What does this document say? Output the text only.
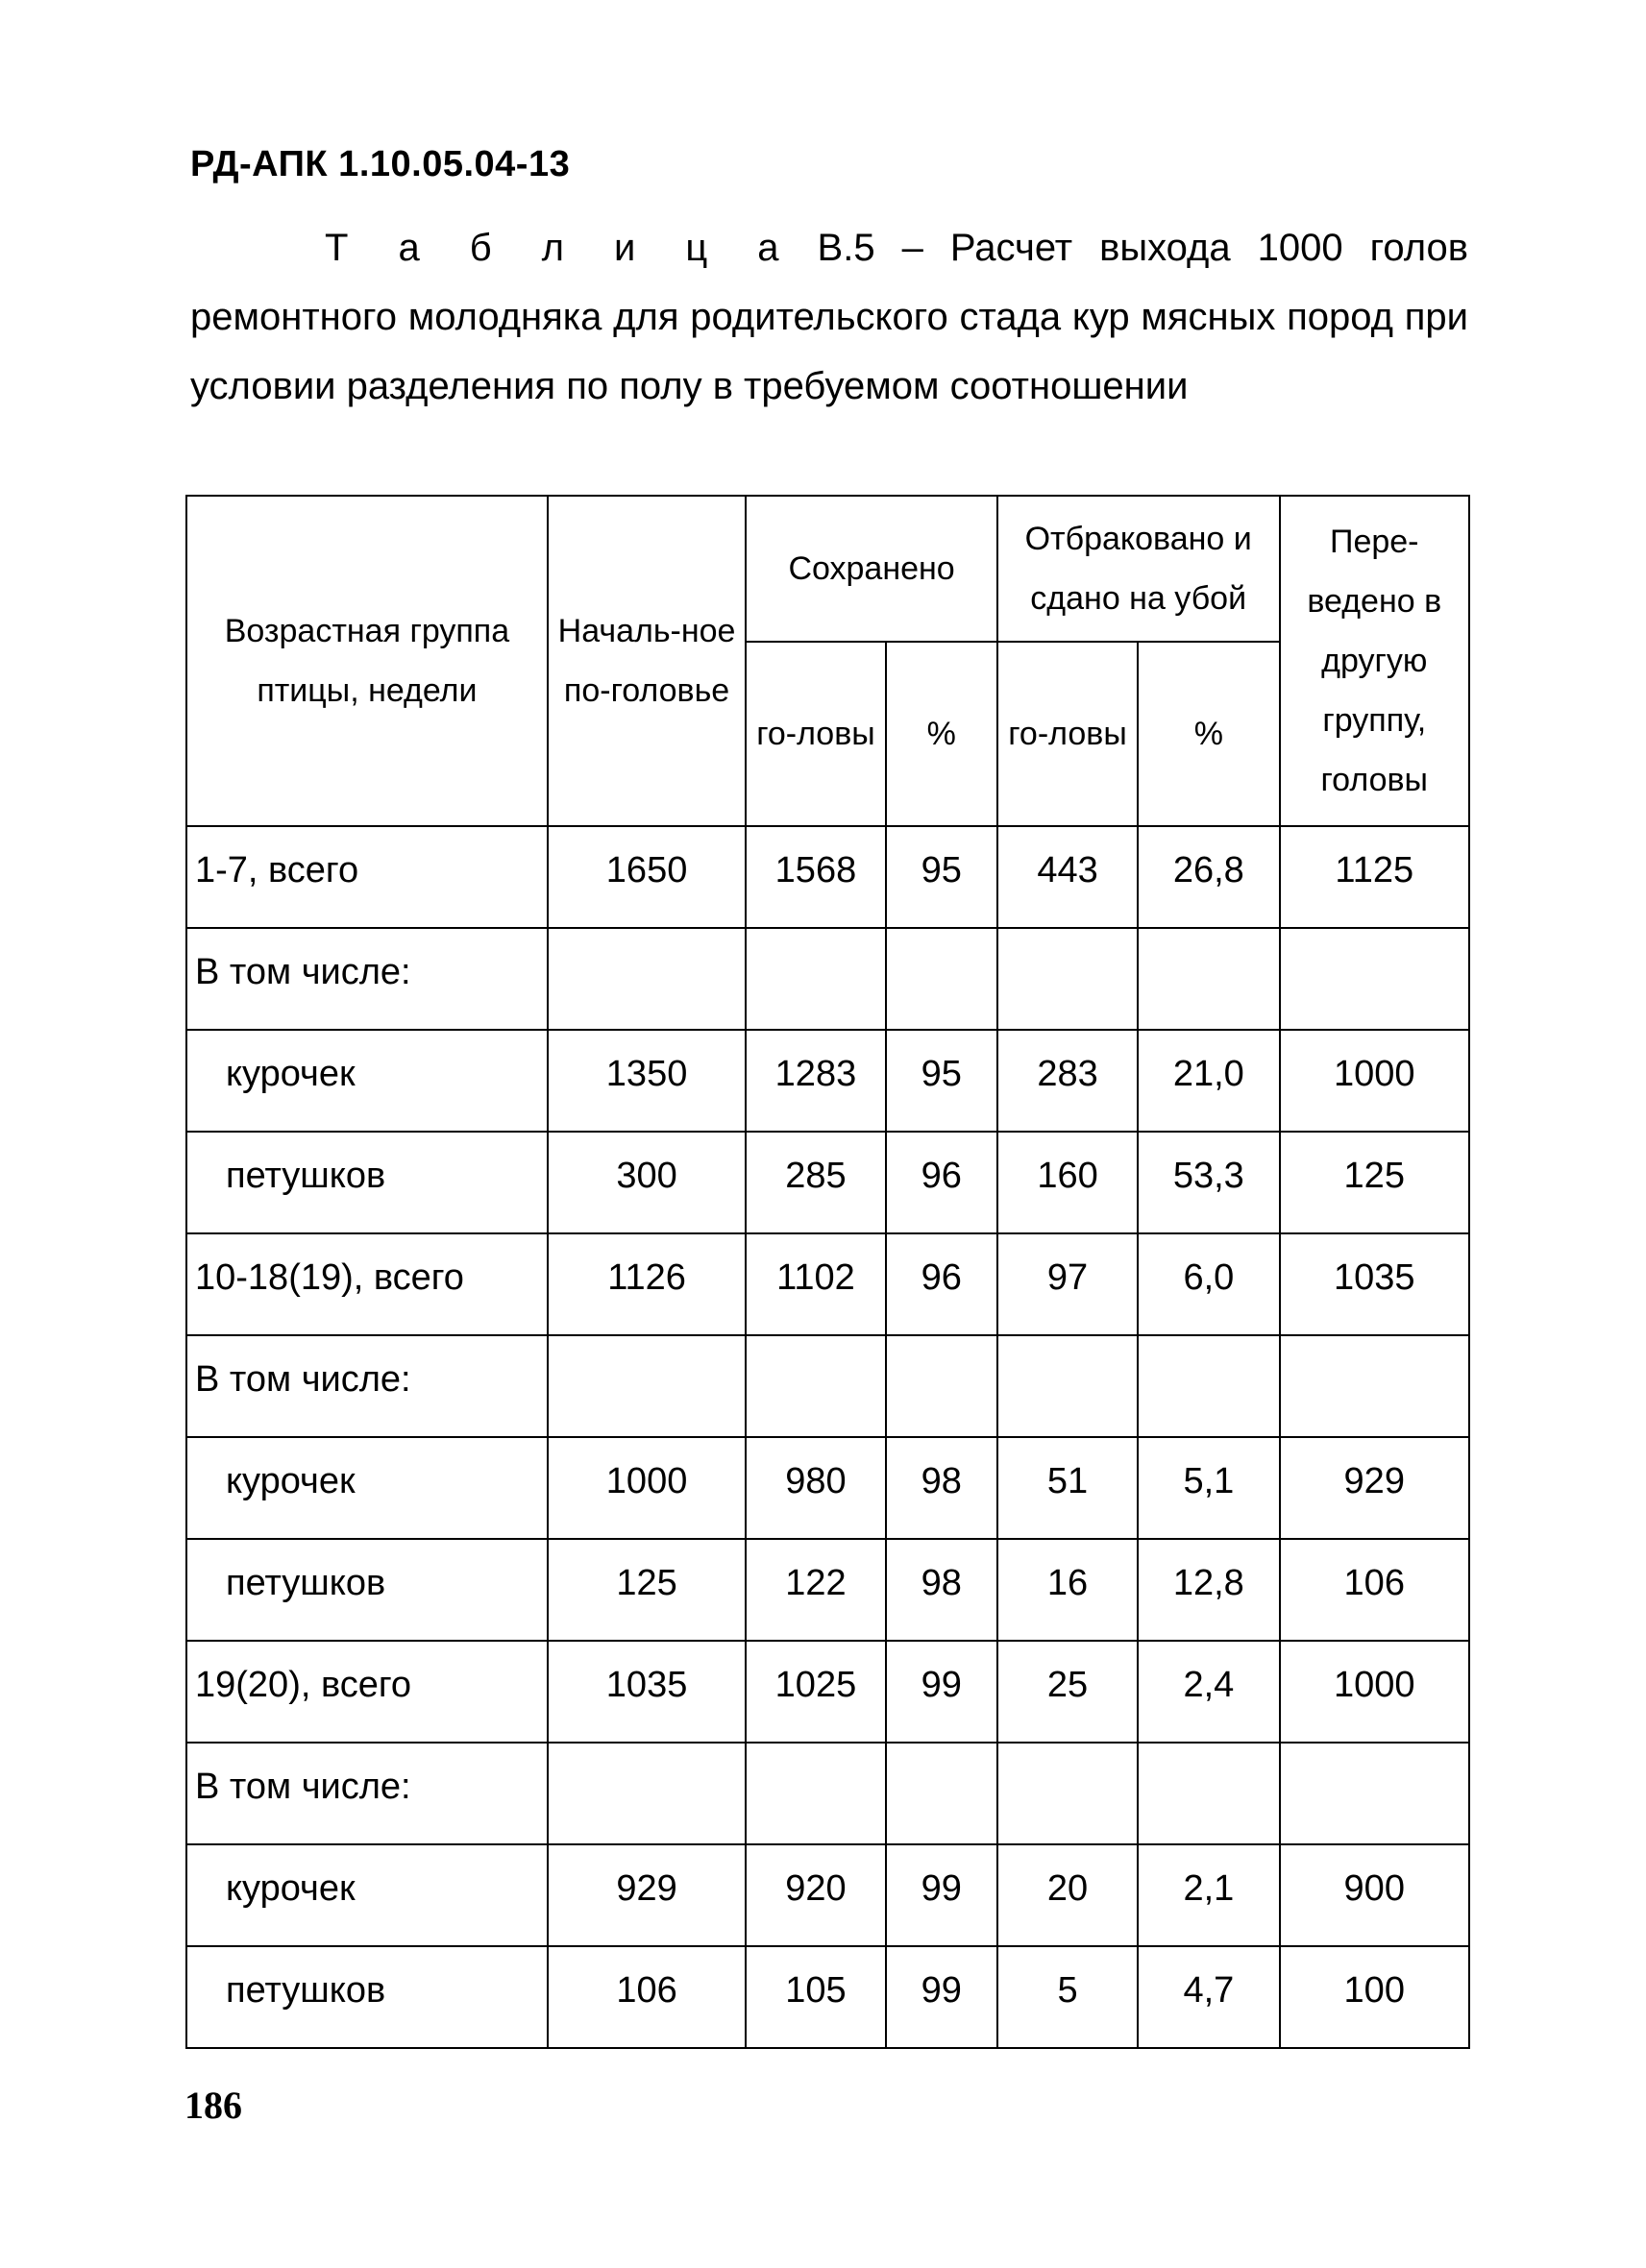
РД-АПК 1.10.05.04-13
Т а б л и ц а В.5 – Расчет выхода 1000 голов ремонтного молодняка для родительского стада кур мясных пород при условии разделения по полу в требуемом соотношении
Возрастная группа птицы, недели	Началь-ное по-головье	Сохранено		Отбраковано и сдано на убой		Пере-ведено в другую группу, головы
		го-ловы	%	го-ловы	%	
1-7, всего	1650	1568	95	443	26,8	1125
В том числе:						
курочек	1350	1283	95	283	21,0	1000
петушков	300	285	96	160	53,3	125
10-18(19), всего	1126	1102	96	97	6,0	1035
В том числе:						
курочек	1000	980	98	51	5,1	929
петушков	125	122	98	16	12,8	106
19(20), всего	1035	1025	99	25	2,4	1000
В том числе:						
курочек	929	920	99	20	2,1	900
петушков	106	105	99	5	4,7	100
186
